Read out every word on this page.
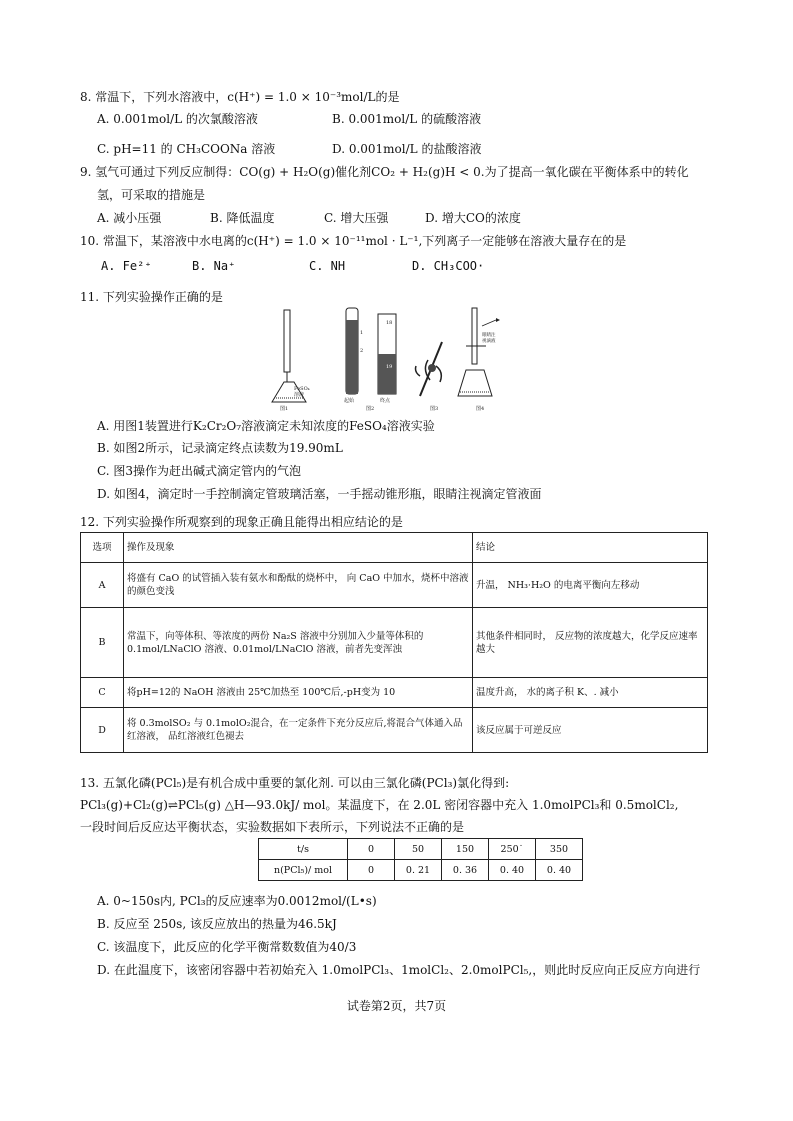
8. 常温下，下列水溶液中，c(H⁺) = 1.0 × 10⁻³mol/L的是
A. 0.001mol/L 的次氯酸溶液	B. 0.001mol/L 的硫酸溶液
C. pH=11 的 CH₃COONa 溶液	D. 0.001mol/L 的盐酸溶液
9. 氢气可通过下列反应制得：CO(g) + H₂O(g)催化剂CO₂ + H₂(g)H < 0.为了提高一氧化碳在平衡体系中的转化
氢，可采取的措施是
A. 减小压强	B. 降低温度	C. 增大压强	D. 增大CO的浓度
10. 常温下，某溶液中水电离的c(H⁺) = 1.0 × 10⁻¹¹mol · L⁻¹,下列离子一定能够在溶液大量存在的是
A. Fe²⁺	B. Na⁺	C. NH	D. CH₃COO·
11. 下列实验操作正确的是
FeSO₄
溶液
图1
1
2
起始
18
19
终点
图2	图3
眼睛注
视滴液
图4
A. 用图1装置进行K₂Cr₂O₇溶液滴定未知浓度的FeSO₄溶液实验
B. 如图2所示，记录滴定终点读数为19.90mL
C. 图3操作为赶出碱式滴定管内的气泡
D. 如图4，滴定时一手控制滴定管玻璃活塞，一手摇动锥形瓶，眼睛注视滴定管液面
12. 下列实验操作所观察到的现象正确且能得出相应结论的是
选项	操作及现象	结论
A	将盛有 CaO 的试管插入装有氨水和酚酞的烧杯中， 向 CaO 中加水，烧杯中溶液的颜色变浅	升温， NH₃·H₂O 的电离平衡向左移动
B	常温下，向等体积、等浓度的两份 Na₂S 溶液中分别加入少量等体积的 0.1mol/LNaClO 溶液、0.01mol/LNaClO 溶液，前者先变浑浊	其他条件相同时， 反应物的浓度越大，化学反应速率越大
C	将pH=12的 NaOH 溶液由 25℃加热至 100℃后,-pH变为 10	温度升高， 水的离子积 K、. 减小
D	将 0.3molSO₂ 与 0.1molO₂混合，在一定条件下充分反应后,将混合气体通入品红溶液， 品红溶液红色褪去	该反应属于可逆反应
13. 五氯化磷(PCl₅)是有机合成中重要的氯化剂. 可以由三氯化磷(PCl₃)氯化得到:
PCl₃(g)+Cl₂(g)⇌PCl₅(g) △H—93.0kJ/ mol。某温度下，在 2.0L 密闭容器中充入 1.0molPCl₃和 0.5molCl₂,
一段时间后反应达平衡状态，实验数据如下表所示，下列说法不正确的是
t/s	0	50	150	250˙	350
n(PCl₅)/ mol	0	0. 21	0. 36	0. 40	0. 40
A. 0~150s内, PCl₃的反应速率为0.0012mol/(L•s)
B. 反应至 250s, 该反应放出的热量为46.5kJ
C. 该温度下，此反应的化学平衡常数数值为40/3
D. 在此温度下，该密闭容器中若初始充入 1.0molPCl₃、1molCl₂、2.0molPCl₅,，则此时反应向正反应方向进行
试卷第2页，共7页
